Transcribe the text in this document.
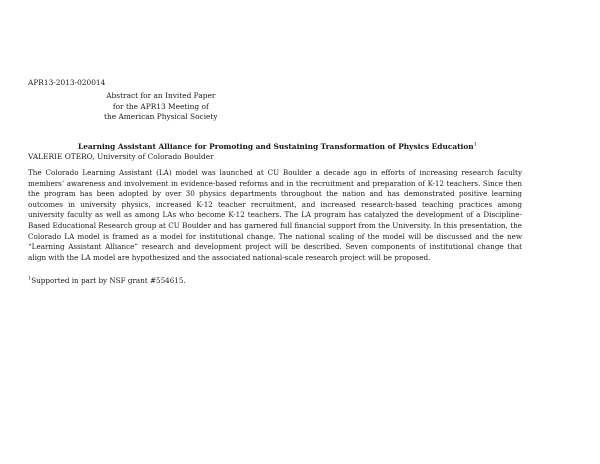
APR13-2013-020014
Abstract for an Invited Paper
for the APR13 Meeting of
the American Physical Society
Learning Assistant Alliance for Promoting and Sustaining Transformation of Physics Education$^1$
VALERIE OTERO, University of Colorado Boulder
The Colorado Learning Assistant (LA) model was launched at CU Boulder a decade ago in efforts of increasing research faculty members’ awareness and involvement in evidence-based reforms and in the recruitment and preparation of K-12 teachers. Since then the program has been adopted by over 30 physics departments throughout the nation and has demonstrated positive learning outcomes in university physics, increased K-12 teacher recruitment, and increased research-based teaching practices among university faculty as well as among LAs who become K-12 teachers. The LA program has catalyzed the development of a Discipline-Based Educational Research group at CU Boulder and has garnered full financial support from the University. In this presentation, the Colorado LA model is framed as a model for institutional change. The national scaling of the model will be discussed and the new “Learning Assistant Alliance” research and development project will be described. Seven components of institutional change that align with the LA model are hypothesized and the associated national-scale research project will be proposed.
$^1$Supported in part by NSF grant #554615.
